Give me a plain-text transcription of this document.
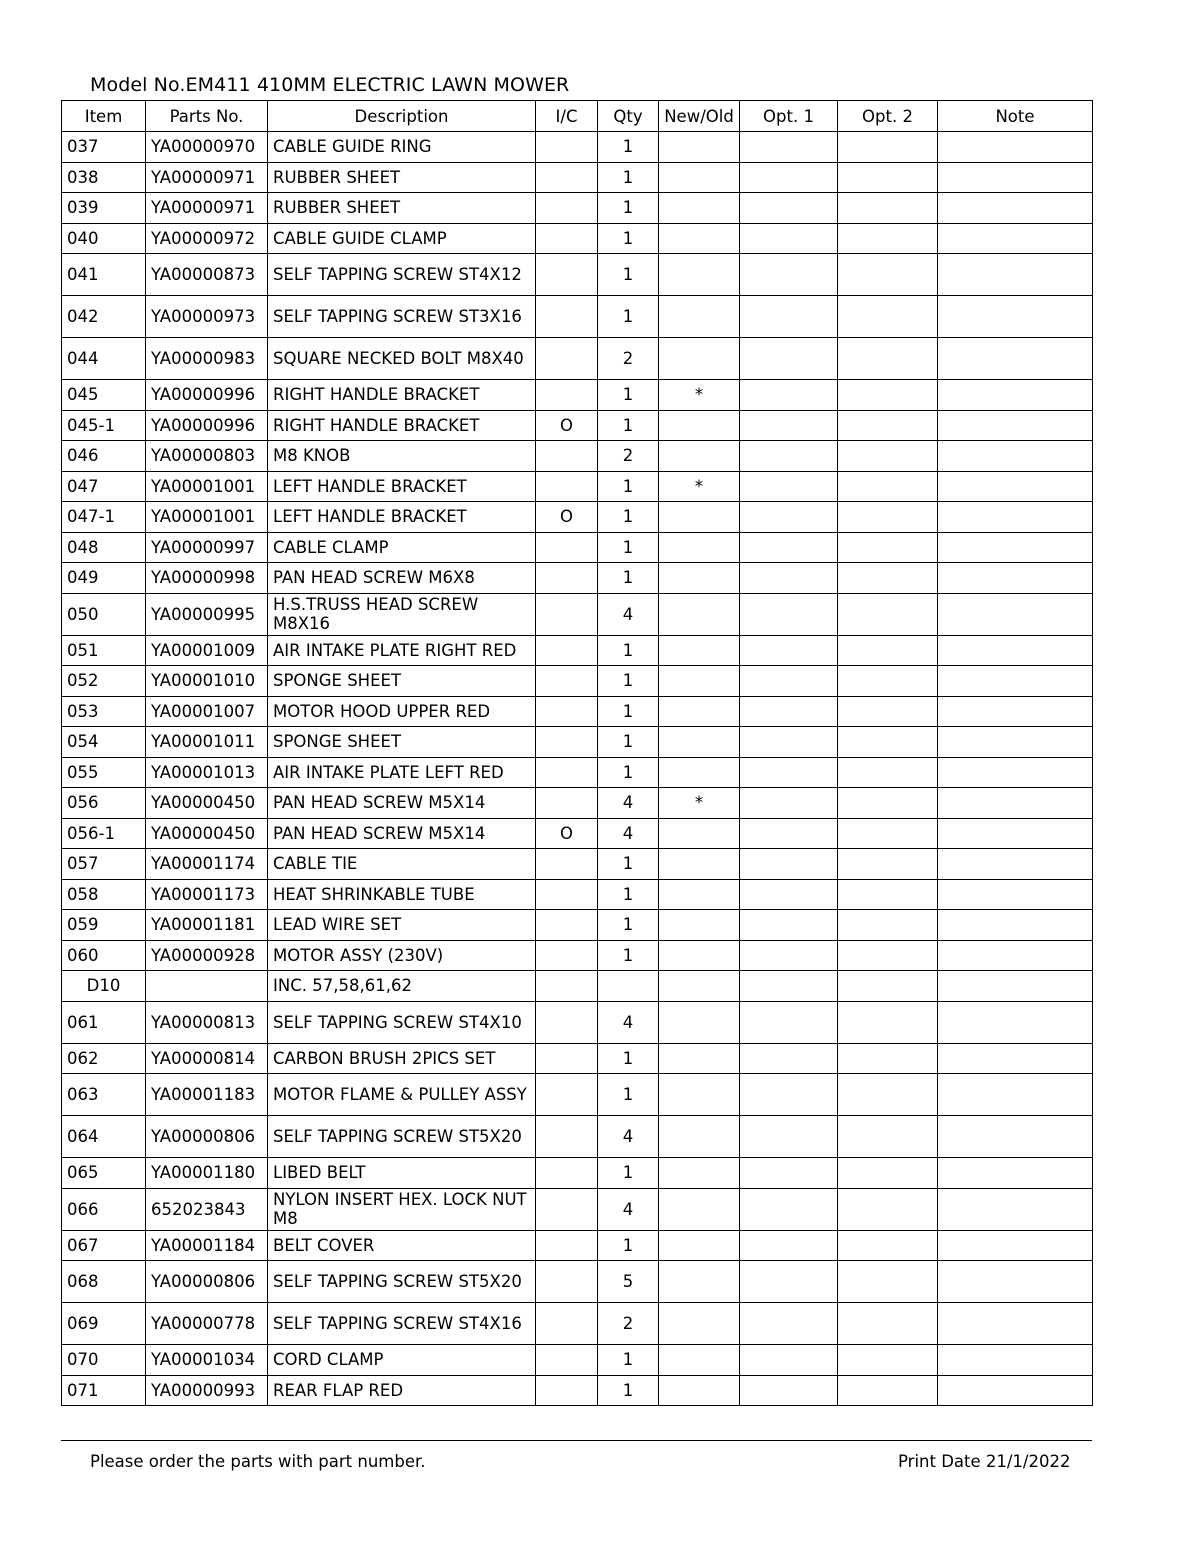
Model No.EM411 410MM ELECTRIC LAWN MOWER
Item	Parts No.	Description	I/C	Qty	New/Old	Opt. 1	Opt. 2	Note
037	YA00000970	CABLE GUIDE RING		1				
038	YA00000971	RUBBER SHEET		1				
039	YA00000971	RUBBER SHEET		1				
040	YA00000972	CABLE GUIDE CLAMP		1				
041	YA00000873	SELF TAPPING SCREW ST4X12		1				
042	YA00000973	SELF TAPPING SCREW ST3X16		1				
044	YA00000983	SQUARE NECKED BOLT M8X40		2				
045	YA00000996	RIGHT HANDLE BRACKET		1	*			
045-1	YA00000996	RIGHT HANDLE BRACKET	O	1				
046	YA00000803	M8 KNOB		2				
047	YA00001001	LEFT HANDLE BRACKET		1	*			
047-1	YA00001001	LEFT HANDLE BRACKET	O	1				
048	YA00000997	CABLE CLAMP		1				
049	YA00000998	PAN HEAD SCREW M6X8		1				
050	YA00000995	H.S.TRUSS HEAD SCREW M8X16		4				
051	YA00001009	AIR INTAKE PLATE RIGHT RED		1				
052	YA00001010	SPONGE SHEET		1				
053	YA00001007	MOTOR HOOD UPPER RED		1				
054	YA00001011	SPONGE SHEET		1				
055	YA00001013	AIR INTAKE PLATE LEFT RED		1				
056	YA00000450	PAN HEAD SCREW M5X14		4	*			
056-1	YA00000450	PAN HEAD SCREW M5X14	O	4				
057	YA00001174	CABLE TIE		1				
058	YA00001173	HEAT SHRINKABLE TUBE		1				
059	YA00001181	LEAD WIRE SET		1				
060	YA00000928	MOTOR ASSY (230V)		1				
D10		INC. 57,58,61,62						
061	YA00000813	SELF TAPPING SCREW ST4X10		4				
062	YA00000814	CARBON BRUSH 2PICS SET		1				
063	YA00001183	MOTOR FLAME & PULLEY ASSY		1				
064	YA00000806	SELF TAPPING SCREW ST5X20		4				
065	YA00001180	LIBED BELT		1				
066	652023843	NYLON INSERT HEX. LOCK NUT M8		4				
067	YA00001184	BELT COVER		1				
068	YA00000806	SELF TAPPING SCREW ST5X20		5				
069	YA00000778	SELF TAPPING SCREW ST4X16		2				
070	YA00001034	CORD CLAMP		1				
071	YA00000993	REAR FLAP RED		1				
Please order the parts with part number.	Print Date 21/1/2022
